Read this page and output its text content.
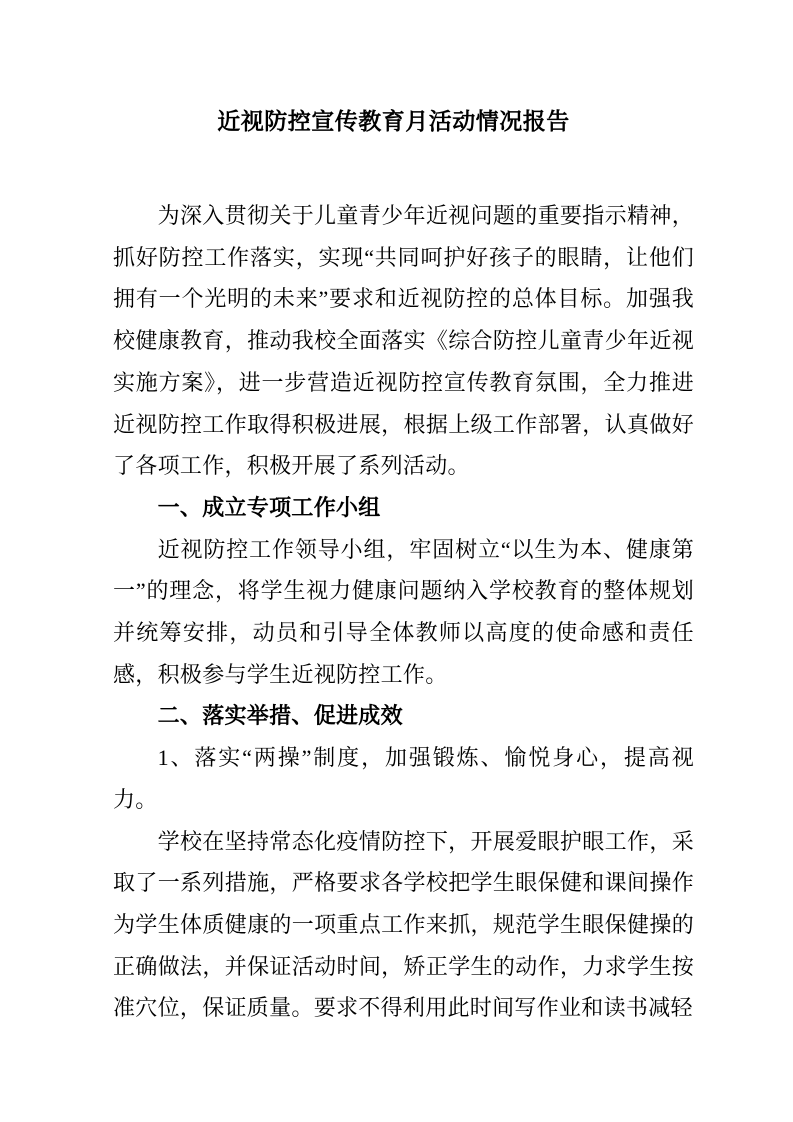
近视防控宣传教育月活动情况报告

为深入贯彻关于儿童青少年近视问题的重要指示精神，抓好防控工作落实，实现“共同呵护好孩子的眼睛，让他们拥有一个光明的未来”要求和近视防控的总体目标。加强我校健康教育，推动我校全面落实《综合防控儿童青少年近视实施方案》，进一步营造近视防控宣传教育氛围，全力推进近视防控工作取得积极进展，根据上级工作部署，认真做好了各项工作，积极开展了系列活动。

一、成立专项工作小组

近视防控工作领导小组，牢固树立“以生为本、健康第一”的理念，将学生视力健康问题纳入学校教育的整体规划并统筹安排，动员和引导全体教师以高度的使命感和责任感，积极参与学生近视防控工作。

二、落实举措、促进成效

1、落实“两操”制度，加强锻炼、愉悦身心，提高视力。

学校在坚持常态化疫情防控下，开展爱眼护眼工作，采取了一系列措施，严格要求各学校把学生眼保健和课间操作为学生体质健康的一项重点工作来抓，规范学生眼保健操的正确做法，并保证活动时间，矫正学生的动作，力求学生按准穴位，保证质量。要求不得利用此时间写作业和读书减轻
